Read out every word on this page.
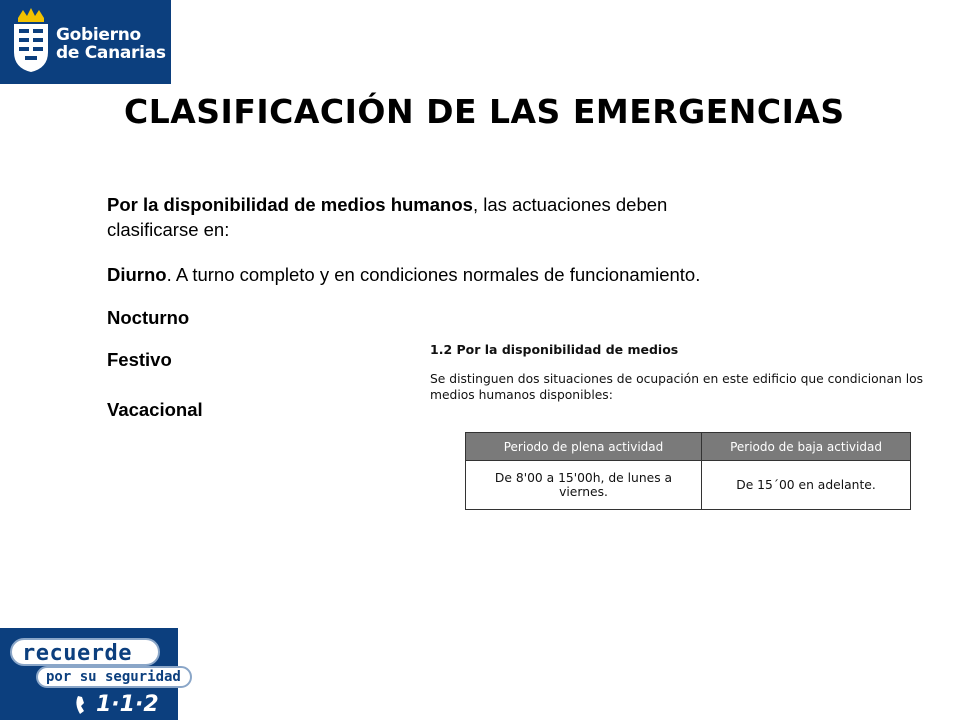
Gobierno
de Canarias
CLASIFICACIÓN DE LAS EMERGENCIAS
Por la disponibilidad de medios humanos, las actuaciones deben
clasificarse en:
Diurno. A turno completo y en condiciones normales de funcionamiento.
Nocturno
Festivo
Vacacional
1.2 Por la disponibilidad de medios
Se distinguen dos situaciones de ocupación en este edificio que condicionan los
medios humanos disponibles:
Periodo de plena actividad	Periodo de baja actividad
De 8'00 a 15'00h, de lunes a viernes.	De 15´00 en adelante.
recuerde
por su seguridad
1·1·2
